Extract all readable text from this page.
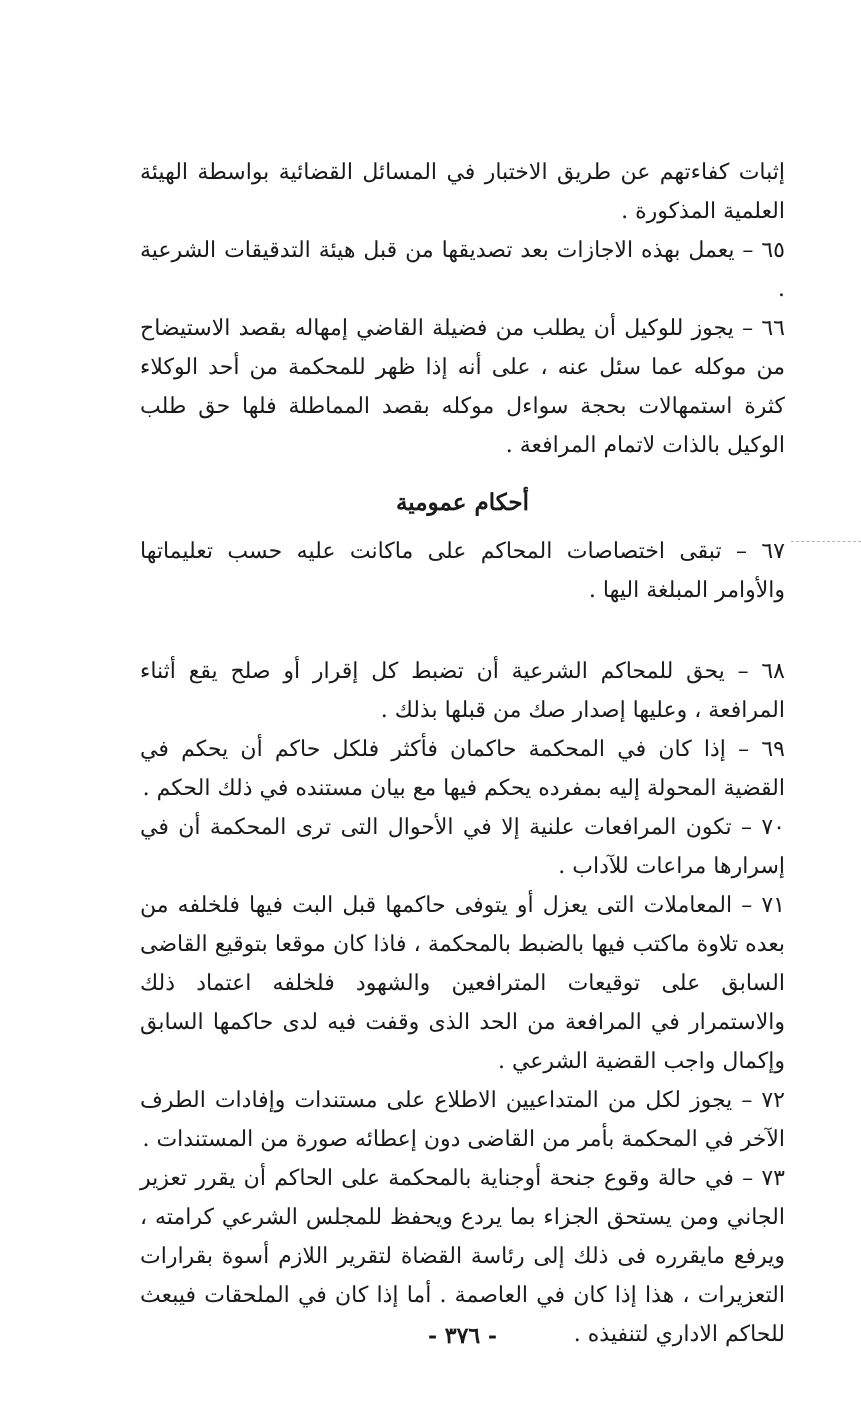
إثبات كفاءتهم عن طريق الاختبار في المسائل القضائية بواسطة الهيئة العلمية المذكورة .

٦٥ – يعمل بهذه الاجازات بعد تصديقها من قبل هيئة التدقيقات الشرعية .

٦٦ – يجوز للوكيل أن يطلب من فضيلة القاضي إمهاله بقصد الاستيضاح من موكله عما سئل عنه ، على أنه إذا ظهر للمحكمة من أحد الوكلاء كثرة استمهالات بحجة سواءل موكله بقصد المماطلة فلها حق طلب الوكيل بالذات لاتمام المرافعة .

أحكام عمومية

٦٧ – تبقى اختصاصات المحاكم على ماكانت عليه حسب تعليماتها والأوامر المبلغة اليها .

٦٨ – يحق للمحاكم الشرعية أن تضبط كل إقرار أو صلح يقع أثناء المرافعة ، وعليها إصدار صك من قبلها بذلك .

٦٩ – إذا كان في المحكمة حاكمان فأكثر فلكل حاكم أن يحكم في القضية المحولة إليه بمفرده يحكم فيها مع بيان مستنده في ذلك الحكم .

٧٠ – تكون المرافعات علنية إلا في الأحوال التى ترى المحكمة أن في إسرارها مراعات للآداب .

٧١ – المعاملات التى يعزل أو يتوفى حاكمها قبل البت فيها فلخلفه من بعده تلاوة ماكتب فيها بالضبط بالمحكمة ، فاذا كان موقعا بتوقيع القاضى السابق على توقيعات المترافعين والشهود فلخلفه اعتماد ذلك والاستمرار في المرافعة من الحد الذى وقفت فيه لدى حاكمها السابق وإكمال واجب القضية الشرعي .

٧٢ – يجوز لكل من المتداعيين الاطلاع على مستندات وإفادات الطرف الآخر في المحكمة بأمر من القاضى دون إعطائه صورة من المستندات .

٧٣ – في حالة وقوع جنحة أوجناية بالمحكمة على الحاكم أن يقرر تعزير الجاني ومن يستحق الجزاء بما يردع ويحفظ للمجلس الشرعي كرامته ، ويرفع مايقرره فى ذلك إلى رئاسة القضاة لتقرير اللازم أسوة بقرارات التعزيرات ، هذا إذا كان في العاصمة . أما إذا كان في الملحقات فيبعث للحاكم الاداري لتنفيذه .

- ٣٧٦ -
